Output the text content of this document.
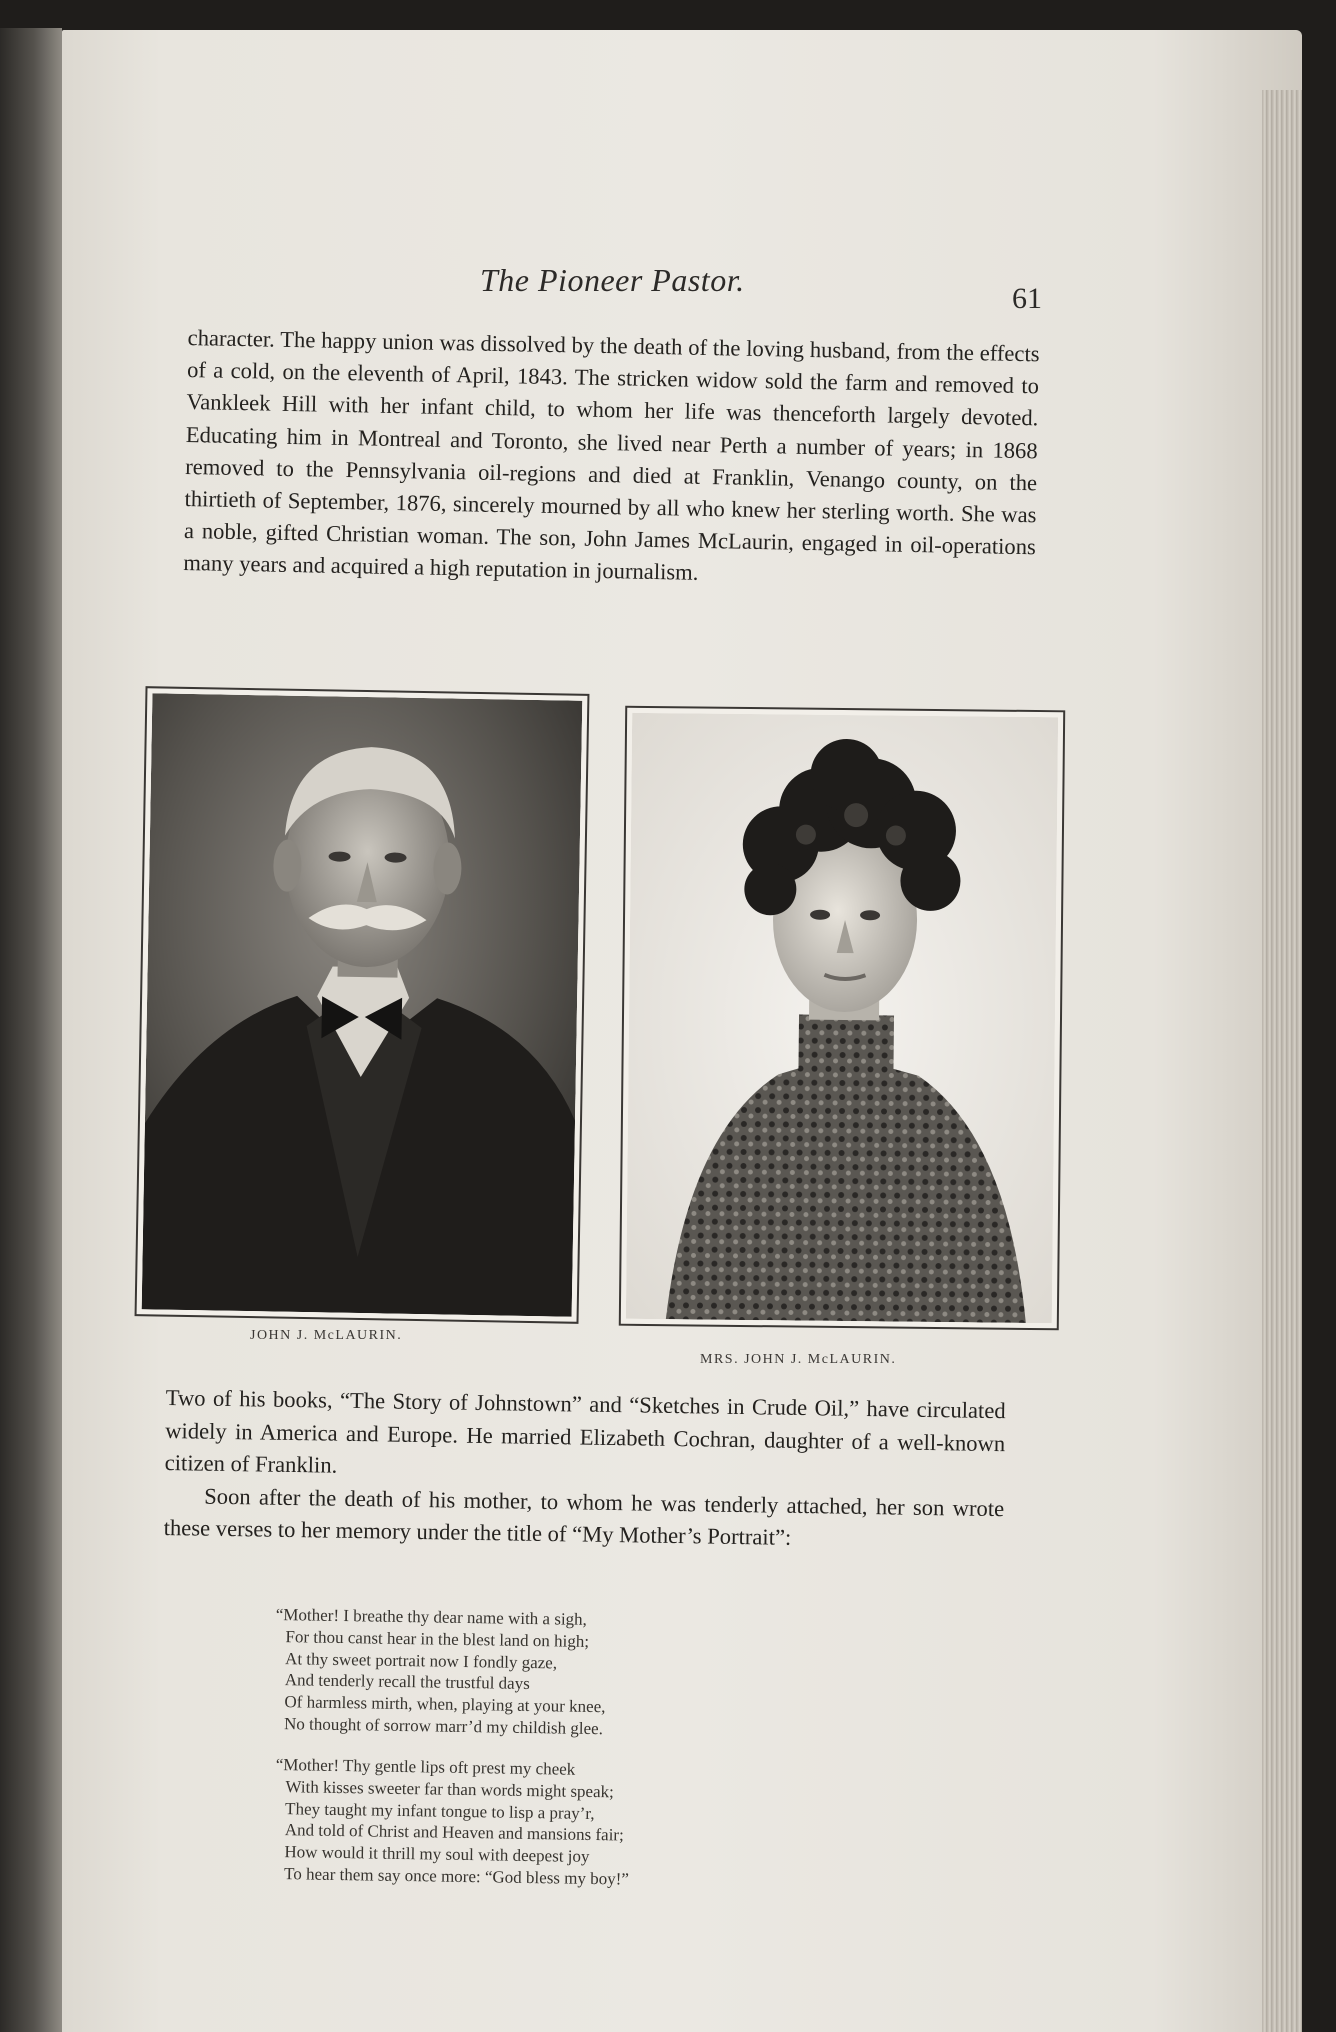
The Pioneer Pastor.
61

character. The happy union was dissolved by the death of the loving husband, from the effects of a cold, on the eleventh of April, 1843. The stricken widow sold the farm and removed to Vankleek Hill with her infant child, to whom her life was thenceforth largely devoted. Educating him in Montreal and Toronto, she lived near Perth a number of years; in 1868 removed to the Pennsylvania oil-regions and died at Franklin, Venango county, on the thirtieth of September, 1876, sincerely mourned by all who knew her sterling worth. She was a noble, gifted Christian woman. The son, John James McLaurin, engaged in oil-operations many years and acquired a high reputation in journalism.

JOHN J. McLAURIN.
MRS. JOHN J. McLAURIN.

Two of his books, “The Story of Johnstown” and “Sketches in Crude Oil,” have circulated widely in America and Europe. He married Elizabeth Cochran, daughter of a well-known citizen of Franklin.

Soon after the death of his mother, to whom he was tenderly attached, her son wrote these verses to her memory under the title of “My Mother’s Portrait”:

“Mother! I breathe thy dear name with a sigh,
For thou canst hear in the blest land on high;
At thy sweet portrait now I fondly gaze,
And tenderly recall the trustful days
Of harmless mirth, when, playing at your knee,
No thought of sorrow marr’d my childish glee.
“Mother! Thy gentle lips oft prest my cheek
With kisses sweeter far than words might speak;
They taught my infant tongue to lisp a pray’r,
And told of Christ and Heaven and mansions fair;
How would it thrill my soul with deepest joy
To hear them say once more: “God bless my boy!”
